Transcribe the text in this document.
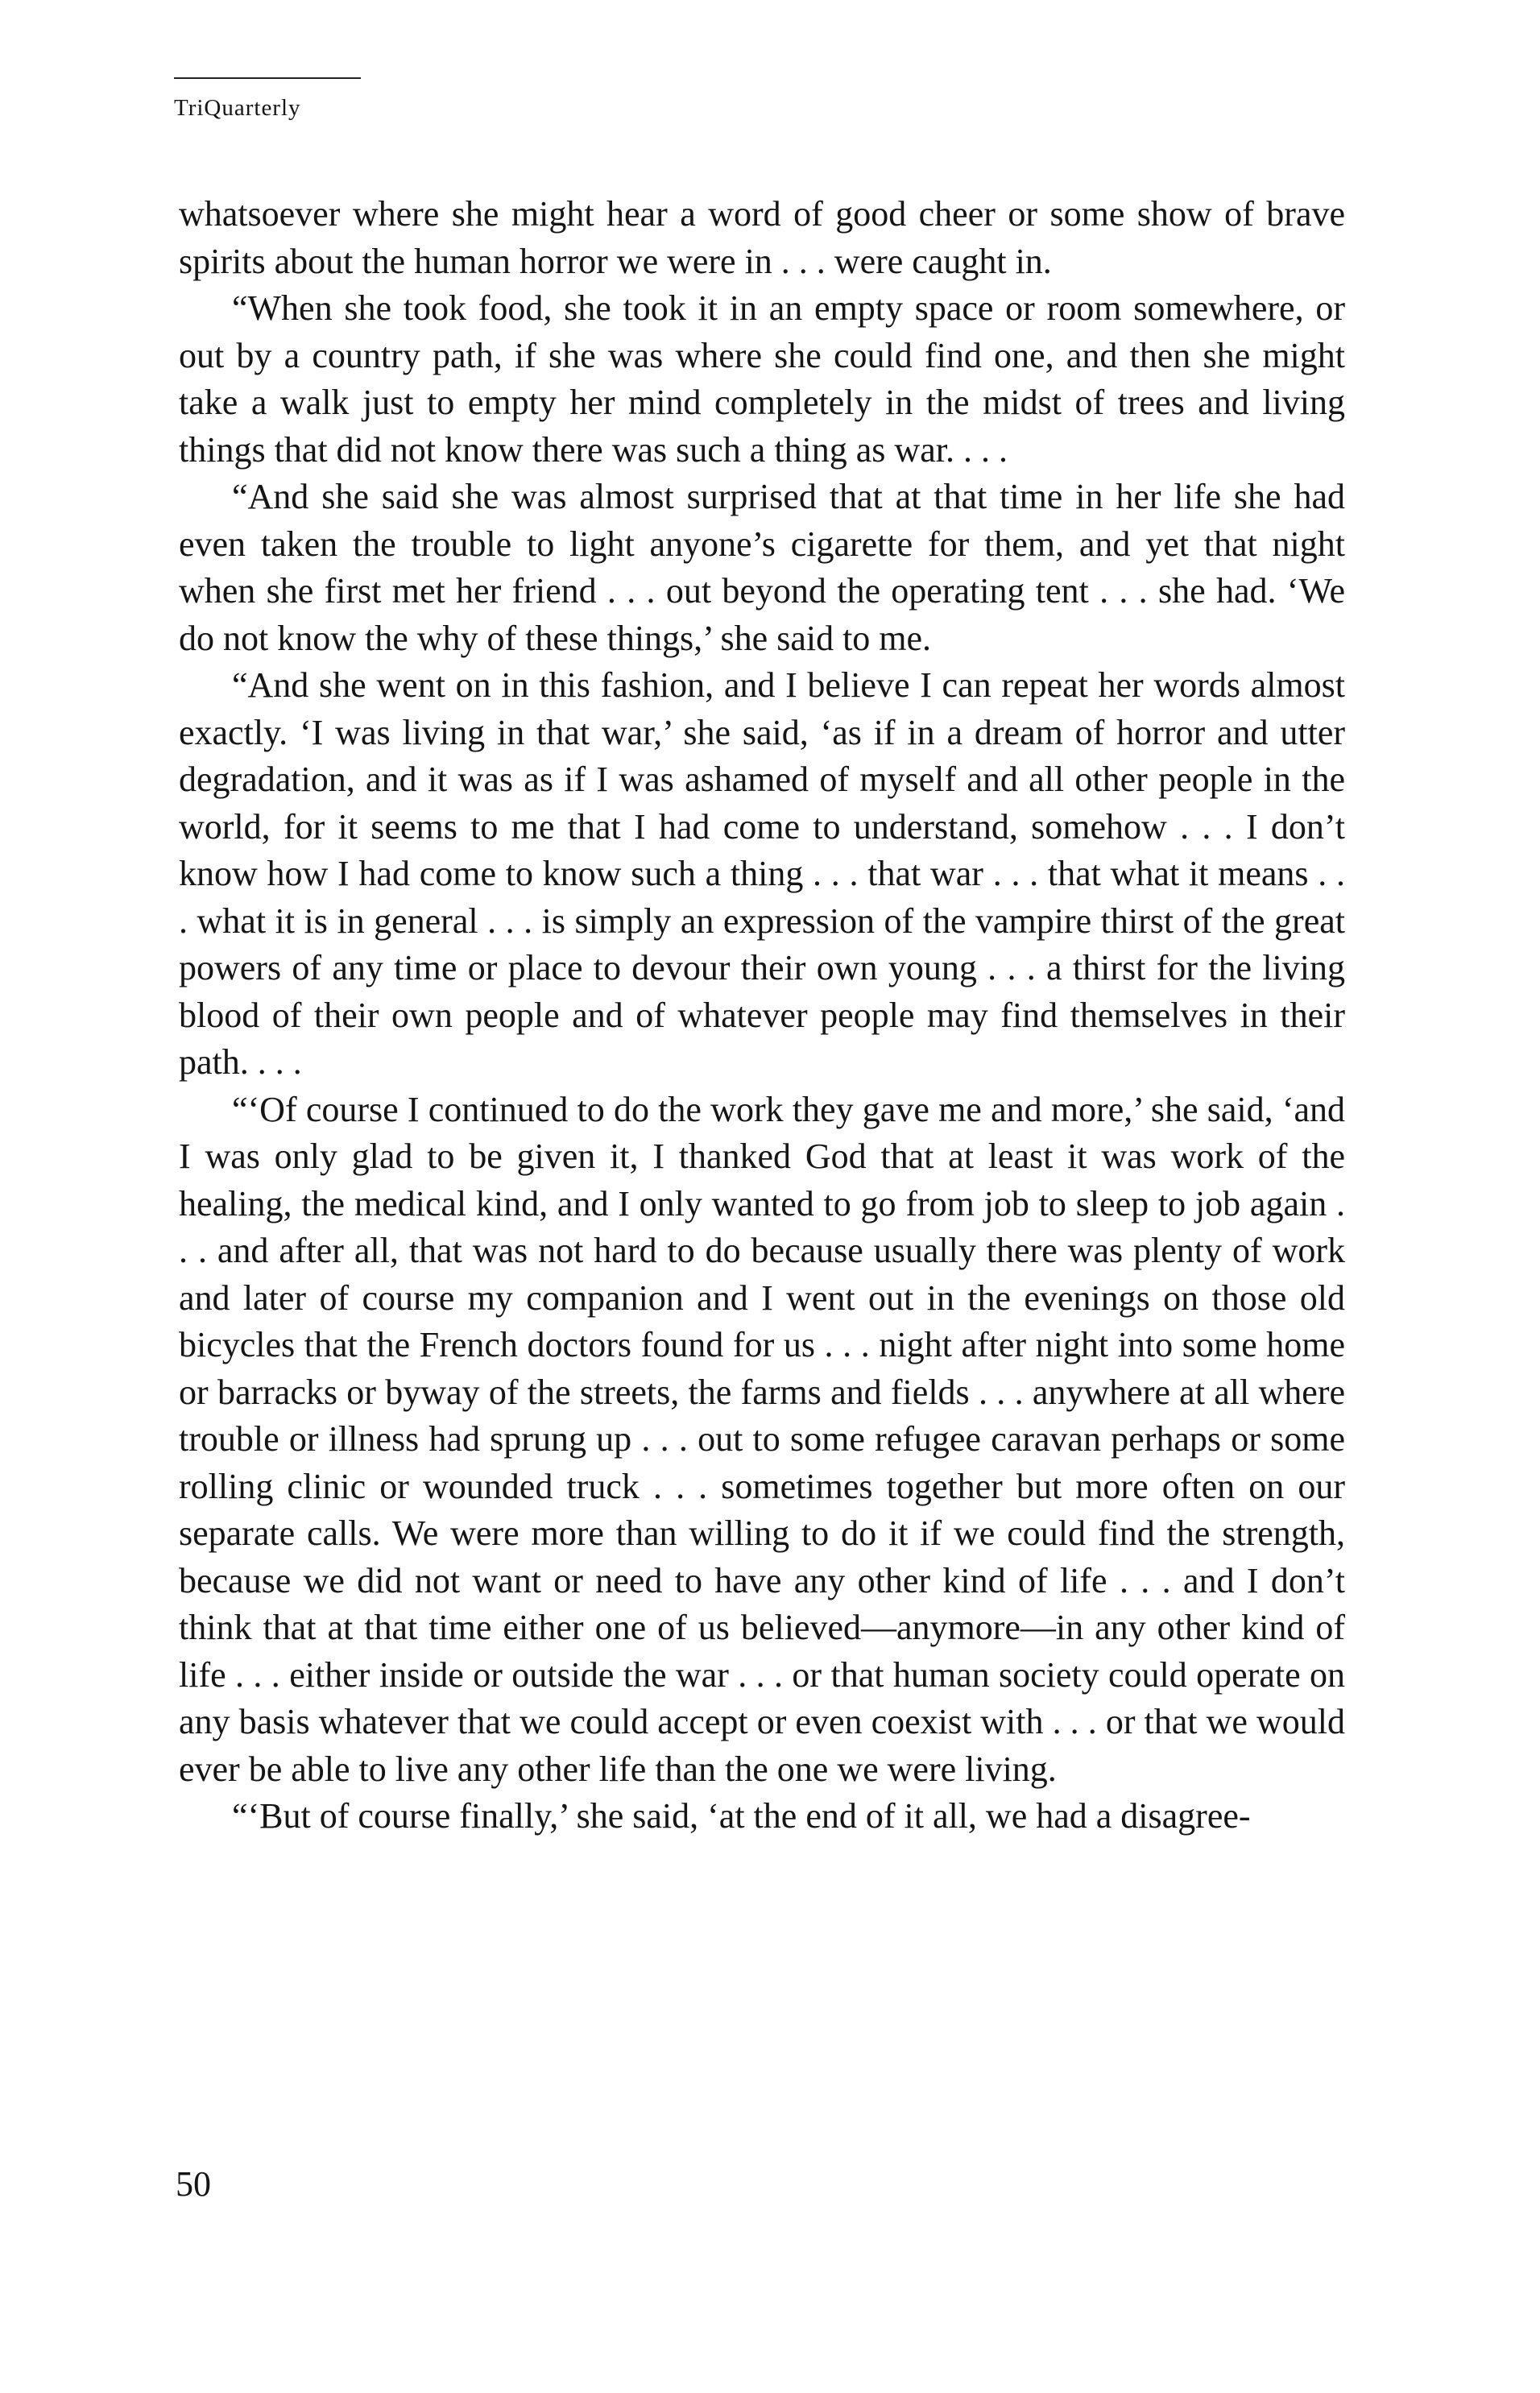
TriQuarterly

whatsoever where she might hear a word of good cheer or some show of brave spirits about the human horror we were in . . . were caught in.

“When she took food, she took it in an empty space or room somewhere, or out by a country path, if she was where she could find one, and then she might take a walk just to empty her mind completely in the midst of trees and living things that did not know there was such a thing as war. . . .

“And she said she was almost surprised that at that time in her life she had even taken the trouble to light anyone’s cigarette for them, and yet that night when she first met her friend . . . out beyond the operating tent . . . she had. ‘We do not know the why of these things,’ she said to me.

“And she went on in this fashion, and I believe I can repeat her words almost exactly. ‘I was living in that war,’ she said, ‘as if in a dream of horror and utter degradation, and it was as if I was ashamed of myself and all other people in the world, for it seems to me that I had come to understand, somehow . . . I don’t know how I had come to know such a thing . . . that war . . . that what it means . . . what it is in general . . . is simply an expression of the vampire thirst of the great powers of any time or place to devour their own young . . . a thirst for the living blood of their own people and of whatever people may find themselves in their path. . . .

“‘Of course I continued to do the work they gave me and more,’ she said, ‘and I was only glad to be given it, I thanked God that at least it was work of the healing, the medical kind, and I only wanted to go from job to sleep to job again . . . and after all, that was not hard to do because usually there was plenty of work and later of course my companion and I went out in the evenings on those old bicycles that the French doctors found for us . . . night after night into some home or barracks or byway of the streets, the farms and fields . . . anywhere at all where trouble or illness had sprung up . . . out to some refugee caravan perhaps or some rolling clinic or wounded truck . . . sometimes together but more often on our separate calls. We were more than willing to do it if we could find the strength, because we did not want or need to have any other kind of life . . . and I don’t think that at that time either one of us believed—anymore—in any other kind of life . . . either inside or outside the war . . . or that human society could operate on any basis whatever that we could accept or even coexist with . . . or that we would ever be able to live any other life than the one we were living.

“‘But of course finally,’ she said, ‘at the end of it all, we had a disagree-

50
